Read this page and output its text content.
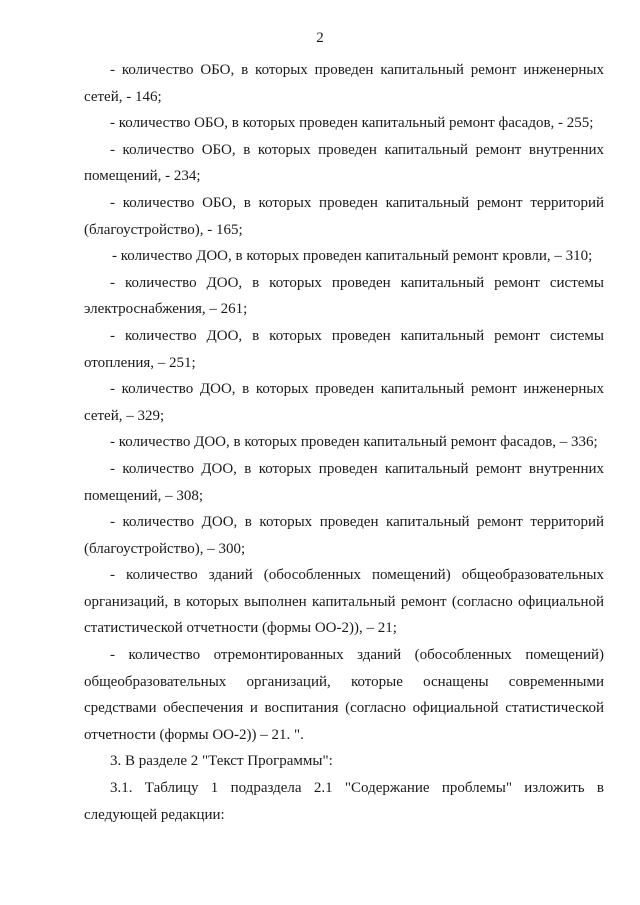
2

- количество ОБО, в которых проведен капитальный ремонт инженерных сетей, - 146;

- количество ОБО, в которых проведен капитальный ремонт фасадов, - 255;

- количество ОБО, в которых проведен капитальный ремонт внутренних помещений, - 234;

- количество ОБО, в которых проведен капитальный ремонт территорий (благоустройство), - 165;

- количество ДОО, в которых проведен капитальный ремонт кровли, – 310;

- количество ДОО, в которых проведен капитальный ремонт системы электроснабжения, – 261;

- количество ДОО, в которых проведен капитальный ремонт системы отопления, – 251;

- количество ДОО, в которых проведен капитальный ремонт инженерных сетей, – 329;

- количество ДОО, в которых проведен капитальный ремонт фасадов, – 336;

- количество ДОО, в которых проведен капитальный ремонт внутренних помещений, – 308;

- количество ДОО, в которых проведен капитальный ремонт территорий (благоустройство), – 300;

- количество зданий (обособленных помещений) общеобразовательных организаций, в которых выполнен капитальный ремонт (согласно официальной статистической отчетности (формы ОО-2)), – 21;

- количество отремонтированных зданий (обособленных помещений) общеобразовательных организаций, которые оснащены современными средствами обеспечения и воспитания (согласно официальной статистической отчетности (формы ОО-2)) – 21. ".

3. В разделе 2 "Текст Программы":

3.1. Таблицу 1 подраздела 2.1 "Содержание проблемы" изложить в следующей редакции:
